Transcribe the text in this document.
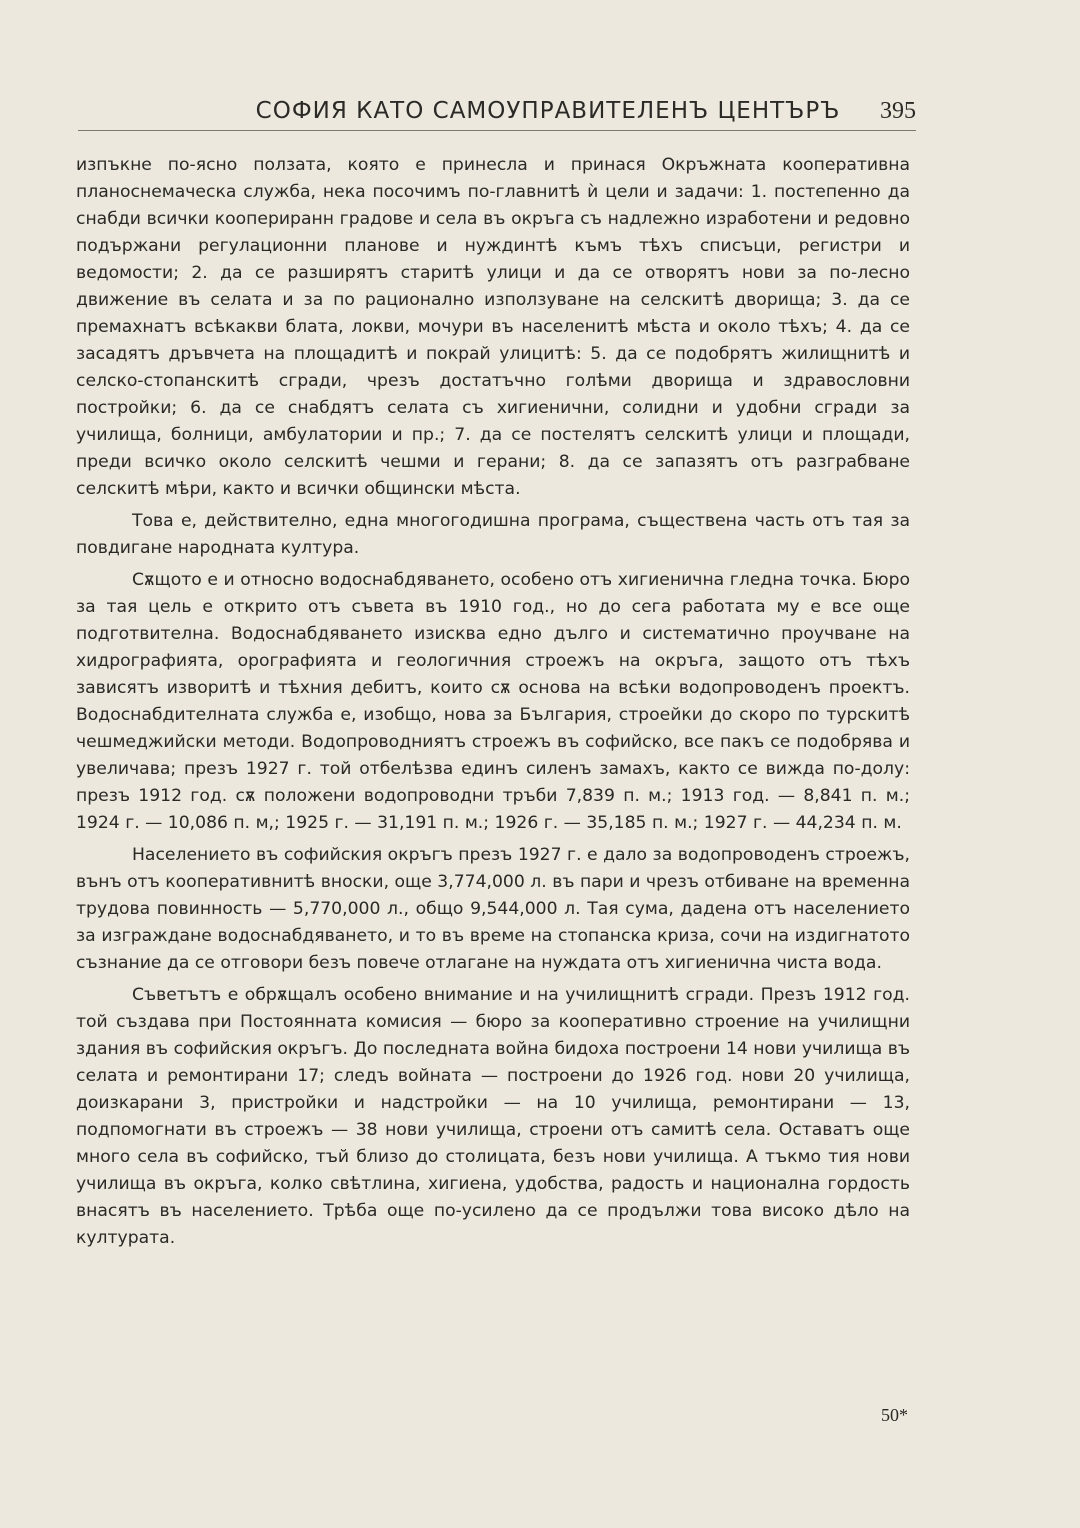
СОФИЯ КАТО САМОУПРАВИТЕЛЕНЪ ЦЕНТЪРЪ	395

изпъкне по-ясно ползата, която е принесла и принася Окръжната кооперативна планоснемаческа служба, нека посочимъ по-главнитѣ ѝ цели и задачи: 1. постепенно да снабди всички коопериранн градове и села въ окръга съ надлежно изработени и редовно подържани регулационни планове и нуждинтѣ къмъ тѣхъ списъци, регистри и ведомости; 2. да се разширятъ старитѣ улици и да се отворятъ нови за по-лесно движение въ селата и за по рационално използуване на селскитѣ дворища; 3. да се премахнатъ всѣкакви блата, локви, мочури въ населенитѣ мѣста и около тѣхъ; 4. да се засадятъ дръвчета на площадитѣ и покрай улицитѣ: 5. да се подобрятъ жилищнитѣ и селско-стопанскитѣ сгради, чрезъ достатъчно голѣми дворища и здравословни постройки; 6. да се снабдятъ селата съ хигиенични, солидни и удобни сгради за училища, болници, амбулатории и пр.; 7. да се постелятъ селскитѣ улици и площади, преди всичко около селскитѣ чешми и герани; 8. да се запазятъ отъ разграбване селскитѣ мѣри, както и всички общински мѣста.

Това е, действително, една многогодишна програма, съществена часть отъ тая за повдигане народната култура.

Сѫщото е и относно водоснабдяването, особено отъ хигиенична гледна точка. Бюро за тая цель е открито отъ съвета въ 1910 год., но до сега работата му е все още подготвителна. Водоснабдяването изисква едно дълго и систематично проучване на хидрографията, орографията и геологичния строежъ на окръга, защото отъ тѣхъ зависятъ изворитѣ и тѣхния дебитъ, които сѫ основа на всѣки водопроводенъ проектъ. Водоснабдителната служба е, изобщо, нова за България, строейки до скоро по турскитѣ чешмеджийски методи. Водопроводниятъ строежъ въ софийско, все пакъ се подобрява и увеличава; презъ 1927 г. той отбелѣзва единъ силенъ замахъ, както се вижда по-долу: презъ 1912 год. сѫ положени водопроводни тръби 7,839 п. м.; 1913 год. — 8,841 п. м.; 1924 г. — 10,086 п. м,; 1925 г. — 31,191 п. м.; 1926 г. — 35,185 п. м.; 1927 г. — 44,234 п. м.

Населението въ софийския окръгъ презъ 1927 г. е дало за водопроводенъ строежъ, вънъ отъ кооперативнитѣ вноски, още 3,774,000 л. въ пари и чрезъ отбиване на временна трудова повинность — 5,770,000 л., общо 9,544,000 л. Тая сума, дадена отъ населението за изграждане водоснабдяването, и то въ време на стопанска криза, сочи на издигнатото съзнание да се отговори безъ повече отлагане на нуждата отъ хигиенична чиста вода.

Съветътъ е обрѫщалъ особено внимание и на училищнитѣ сгради. Презъ 1912 год. той създава при Постоянната комисия — бюро за кооперативно строение на училищни здания въ софийския окръгъ. До последната война бидоха построени 14 нови училища въ селата и ремонтирани 17; следъ войната — построени до 1926 год. нови 20 училища, доизкарани 3, пристройки и надстройки — на 10 училища, ремонтирани — 13, подпомогнати въ строежъ — 38 нови училища, строени отъ самитѣ села. Оставатъ още много села въ софийско, тъй близо до столицата, безъ нови училища. А тъкмо тия нови училища въ окръга, колко свѣтлина, хигиена, удобства, радость и национална гордость внасятъ въ населението. Трѣба още по-усилено да се продължи това високо дѣло на културата.

50*
